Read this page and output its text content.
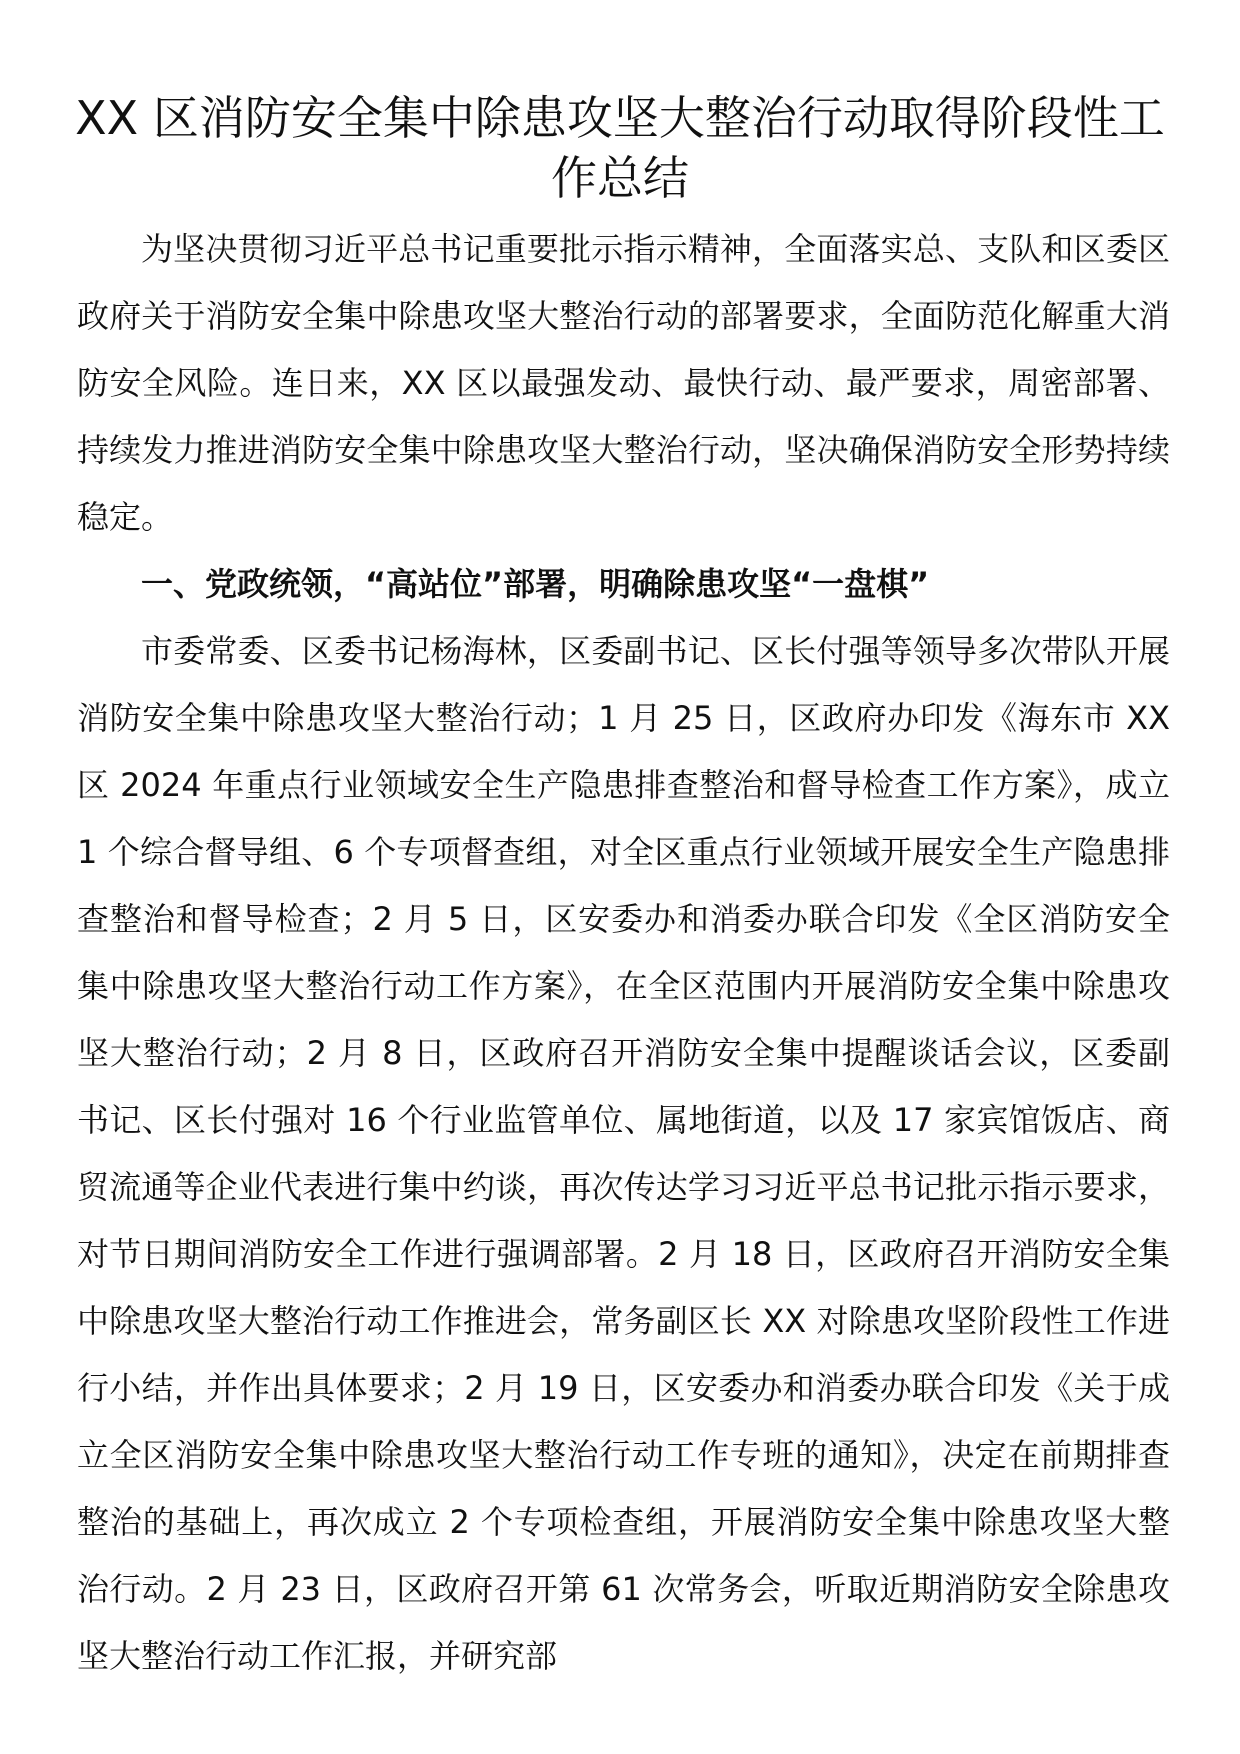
XX 区消防安全集中除患攻坚大整治行动取得阶段性工作总结

为坚决贯彻习近平总书记重要批示指示精神，全面落实总、支队和区委区政府关于消防安全集中除患攻坚大整治行动的部署要求，全面防范化解重大消防安全风险。连日来，XX 区以最强发动、最快行动、最严要求，周密部署、持续发力推进消防安全集中除患攻坚大整治行动，坚决确保消防安全形势持续稳定。

一、党政统领，“高站位”部署，明确除患攻坚“一盘棋”

市委常委、区委书记杨海林，区委副书记、区长付强等领导多次带队开展消防安全集中除患攻坚大整治行动；1 月 25 日，区政府办印发《海东市 XX 区 2024 年重点行业领域安全生产隐患排查整治和督导检查工作方案》，成立 1 个综合督导组、6 个专项督查组，对全区重点行业领域开展安全生产隐患排查整治和督导检查；2 月 5 日，区安委办和消委办联合印发《全区消防安全集中除患攻坚大整治行动工作方案》，在全区范围内开展消防安全集中除患攻坚大整治行动；2 月 8 日，区政府召开消防安全集中提醒谈话会议，区委副书记、区长付强对 16 个行业监管单位、属地街道，以及 17 家宾馆饭店、商贸流通等企业代表进行集中约谈，再次传达学习习近平总书记批示指示要求，对节日期间消防安全工作进行强调部署。2 月 18 日，区政府召开消防安全集中除患攻坚大整治行动工作推进会，常务副区长 XX 对除患攻坚阶段性工作进行小结，并作出具体要求；2 月 19 日，区安委办和消委办联合印发《关于成立全区消防安全集中除患攻坚大整治行动工作专班的通知》，决定在前期排查整治的基础上，再次成立 2 个专项检查组，开展消防安全集中除患攻坚大整治行动。2 月 23 日，区政府召开第 61 次常务会，听取近期消防安全除患攻坚大整治行动工作汇报，并研究部
